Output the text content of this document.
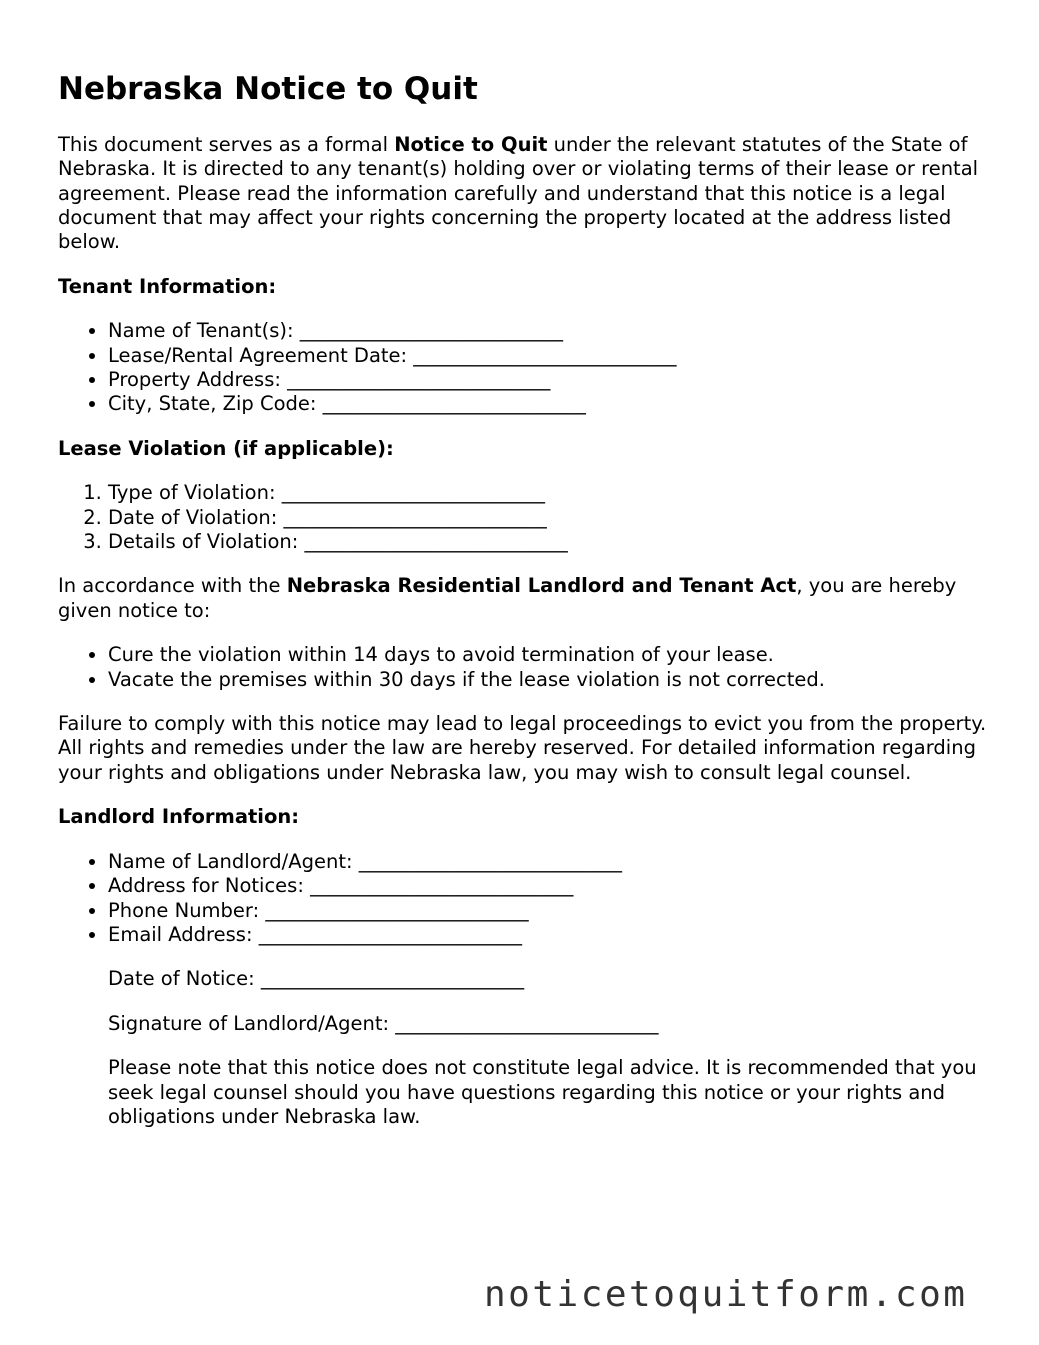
Nebraska Notice to Quit

This document serves as a formal Notice to Quit under the relevant statutes of the State of Nebraska. It is directed to any tenant(s) holding over or violating terms of their lease or rental agreement. Please read the information carefully and understand that this notice is a legal document that may affect your rights concerning the property located at the address listed below.

Tenant Information:

• Name of Tenant(s): ___________________________
• Lease/Rental Agreement Date: ___________________________
• Property Address: ___________________________
• City, State, Zip Code: ___________________________

Lease Violation (if applicable):

1. Type of Violation: ___________________________
2. Date of Violation: ___________________________
3. Details of Violation: ___________________________

In accordance with the Nebraska Residential Landlord and Tenant Act, you are hereby given notice to:

• Cure the violation within 14 days to avoid termination of your lease.
• Vacate the premises within 30 days if the lease violation is not corrected.

Failure to comply with this notice may lead to legal proceedings to evict you from the property. All rights and remedies under the law are hereby reserved. For detailed information regarding your rights and obligations under Nebraska law, you may wish to consult legal counsel.

Landlord Information:

• Name of Landlord/Agent: ___________________________
• Address for Notices: ___________________________
• Phone Number: ___________________________
• Email Address: ___________________________

Date of Notice: ___________________________

Signature of Landlord/Agent: ___________________________

Please note that this notice does not constitute legal advice. It is recommended that you seek legal counsel should you have questions regarding this notice or your rights and obligations under Nebraska law.

noticetoquitform.com
